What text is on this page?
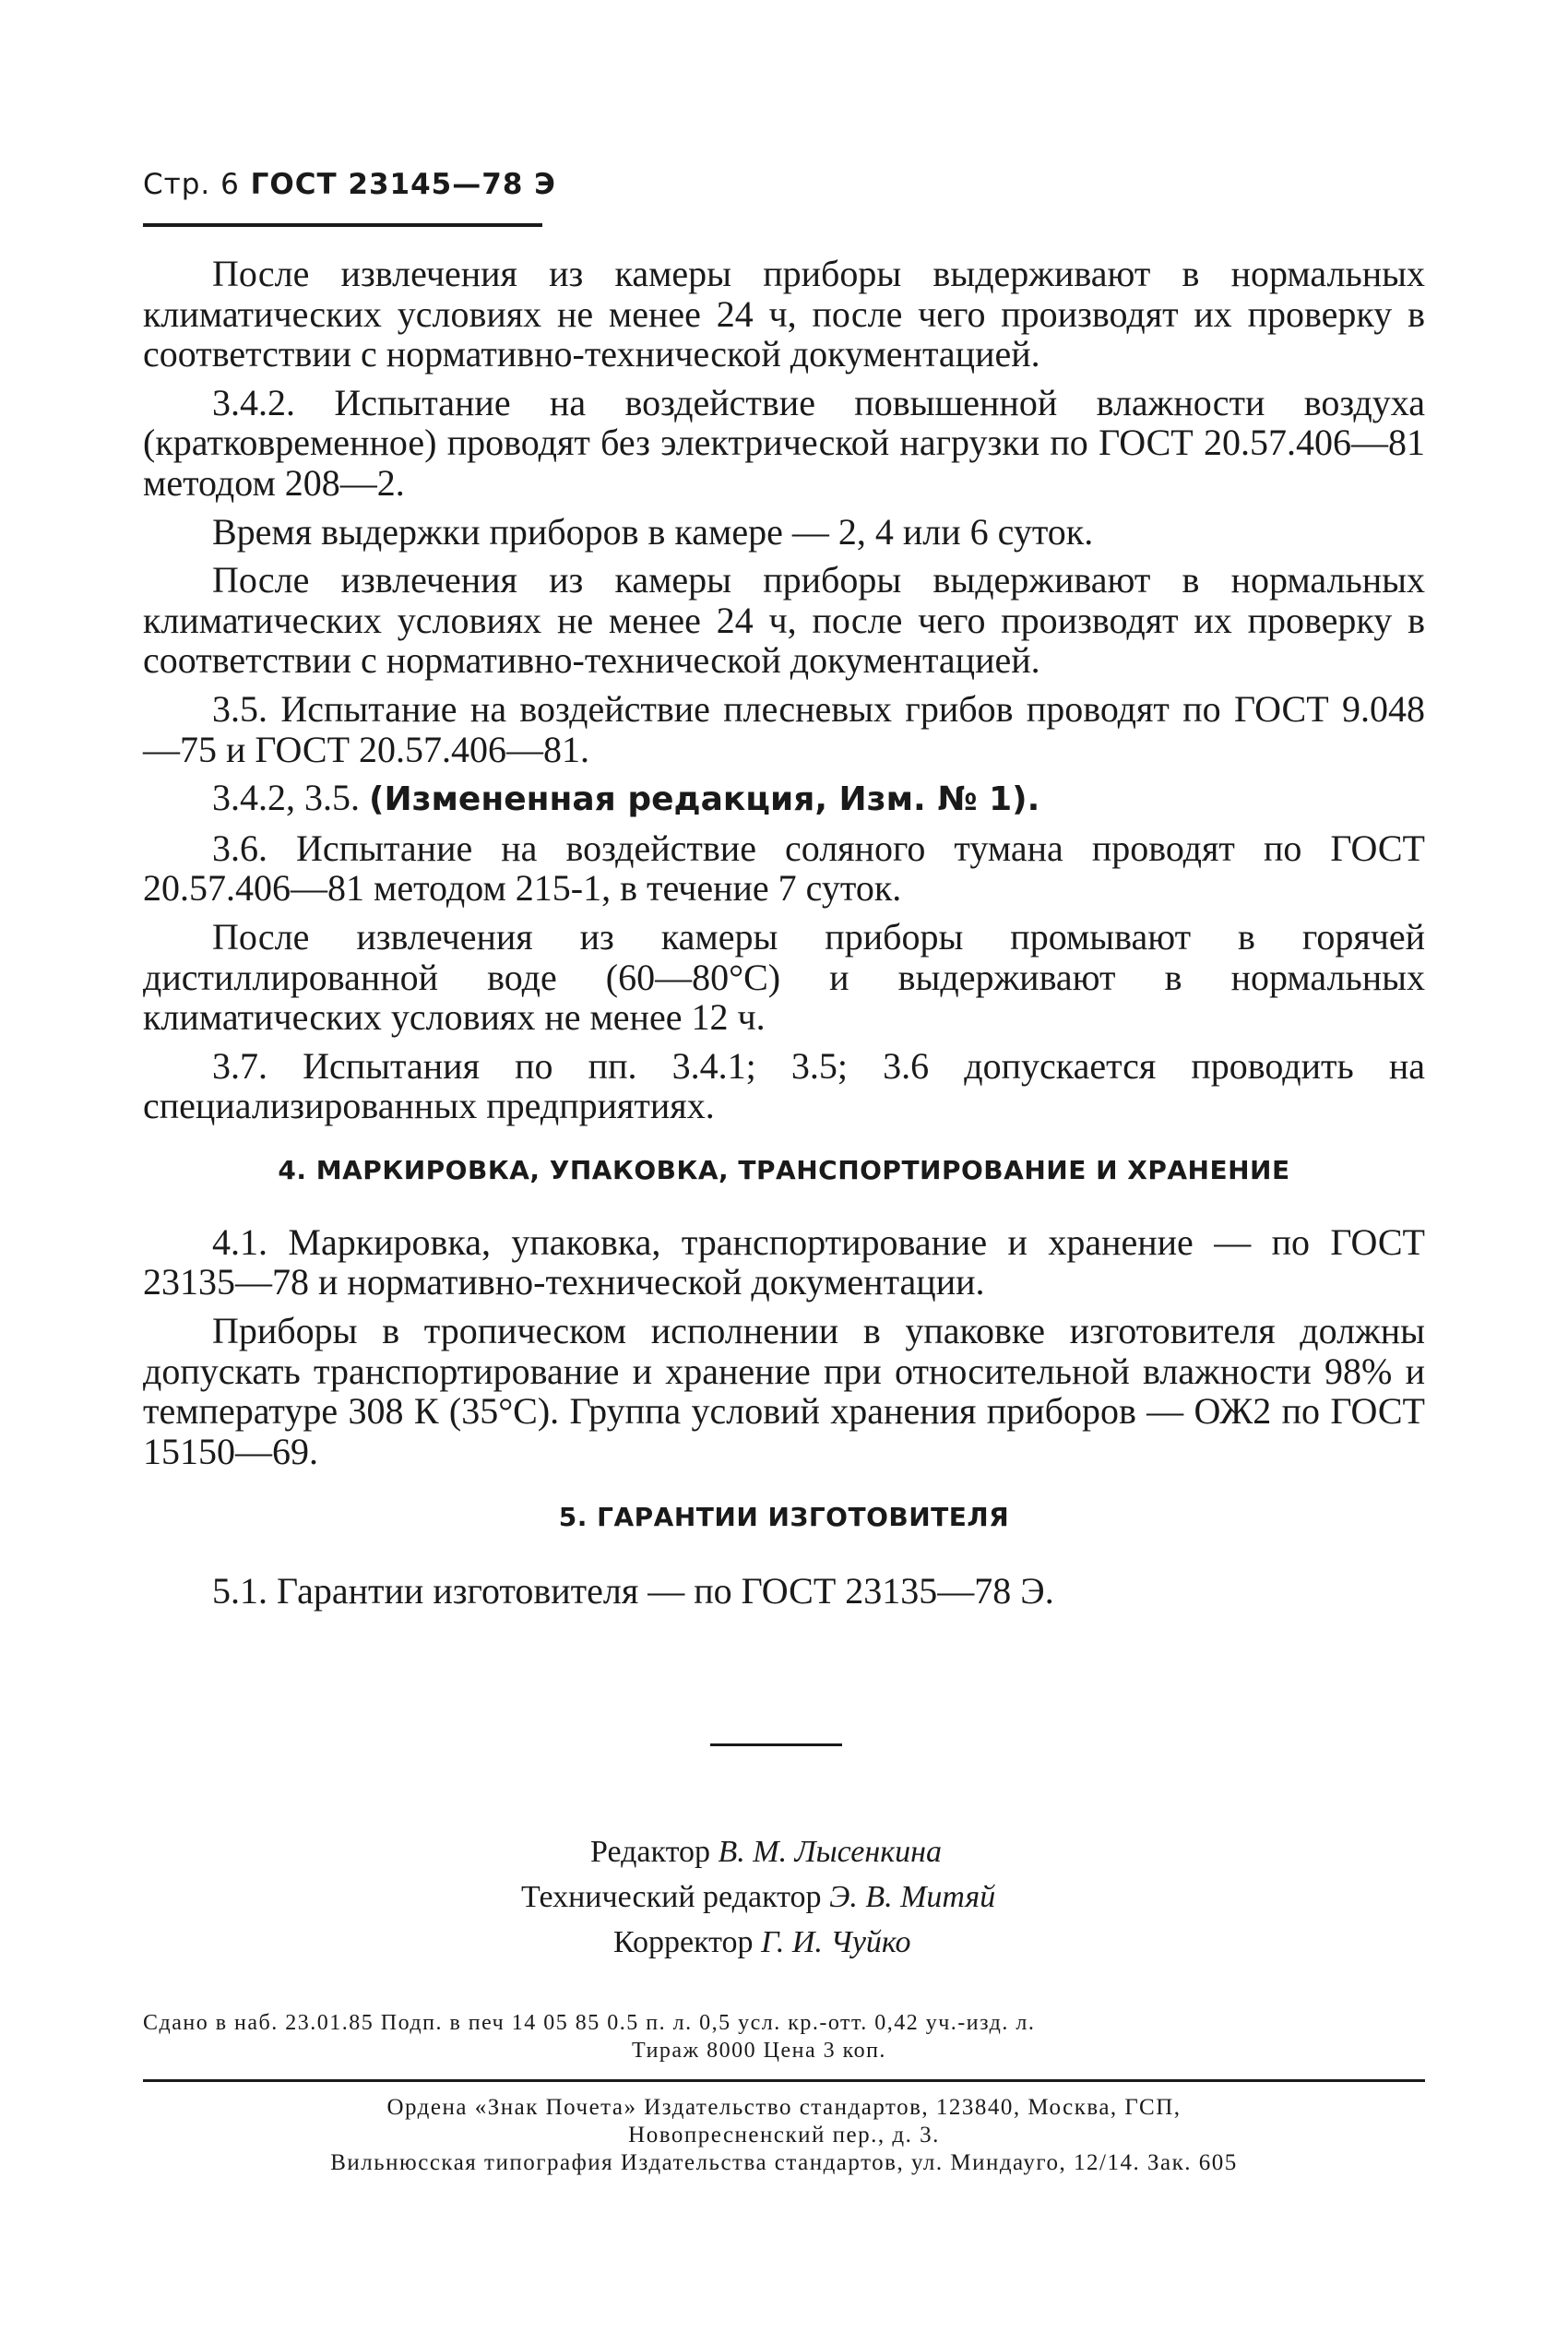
Стр. 6 ГОСТ 23145—78 Э

После извлечения из камеры приборы выдерживают в нормальных климатических условиях не менее 24 ч, после чего производят их проверку в соответствии с нормативно-технической документацией.

3.4.2. Испытание на воздействие повышенной влажности воздуха (кратковременное) проводят без электрической нагрузки по ГОСТ 20.57.406—81 методом 208—2.

Время выдержки приборов в камере — 2, 4 или 6 суток.

После извлечения из камеры приборы выдерживают в нормальных климатических условиях не менее 24 ч, после чего производят их проверку в соответствии с нормативно-технической документацией.

3.5. Испытание на воздействие плесневых грибов проводят по ГОСТ 9.048—75 и ГОСТ 20.57.406—81.

3.4.2, 3.5. (Измененная редакция, Изм. № 1).

3.6. Испытание на воздействие соляного тумана проводят по ГОСТ 20.57.406—81 методом 215-1, в течение 7 суток.

После извлечения из камеры приборы промывают в горячей дистиллированной воде (60—80°С) и выдерживают в нормальных климатических условиях не менее 12 ч.

3.7. Испытания по пп. 3.4.1; 3.5; 3.6 допускается проводить на специализированных предприятиях.

4. МАРКИРОВКА, УПАКОВКА, ТРАНСПОРТИРОВАНИЕ И ХРАНЕНИЕ

4.1. Маркировка, упаковка, транспортирование и хранение — по ГОСТ 23135—78 и нормативно-технической документации.

Приборы в тропическом исполнении в упаковке изготовителя должны допускать транспортирование и хранение при относительной влажности 98% и температуре 308 К (35°С). Группа условий хранения приборов — ОЖ2 по ГОСТ 15150—69.

5. ГАРАНТИИ ИЗГОТОВИТЕЛЯ

5.1. Гарантии изготовителя — по ГОСТ 23135—78 Э.

Редактор В. М. Лысенкина
Технический редактор Э. В. Митяй
Корректор Г. И. Чуйко
Сдано в наб. 23.01.85 Подп. в печ 14 05 85 0.5 п. л. 0,5 усл. кр.-отт. 0,42 уч.-изд. л.
Тираж 8000 Цена 3 коп.
Ордена «Знак Почета» Издательство стандартов, 123840, Москва, ГСП,
Новопресненский пер., д. 3.
Вильнюсская типография Издательства стандартов, ул. Миндауго, 12/14. Зак. 605
